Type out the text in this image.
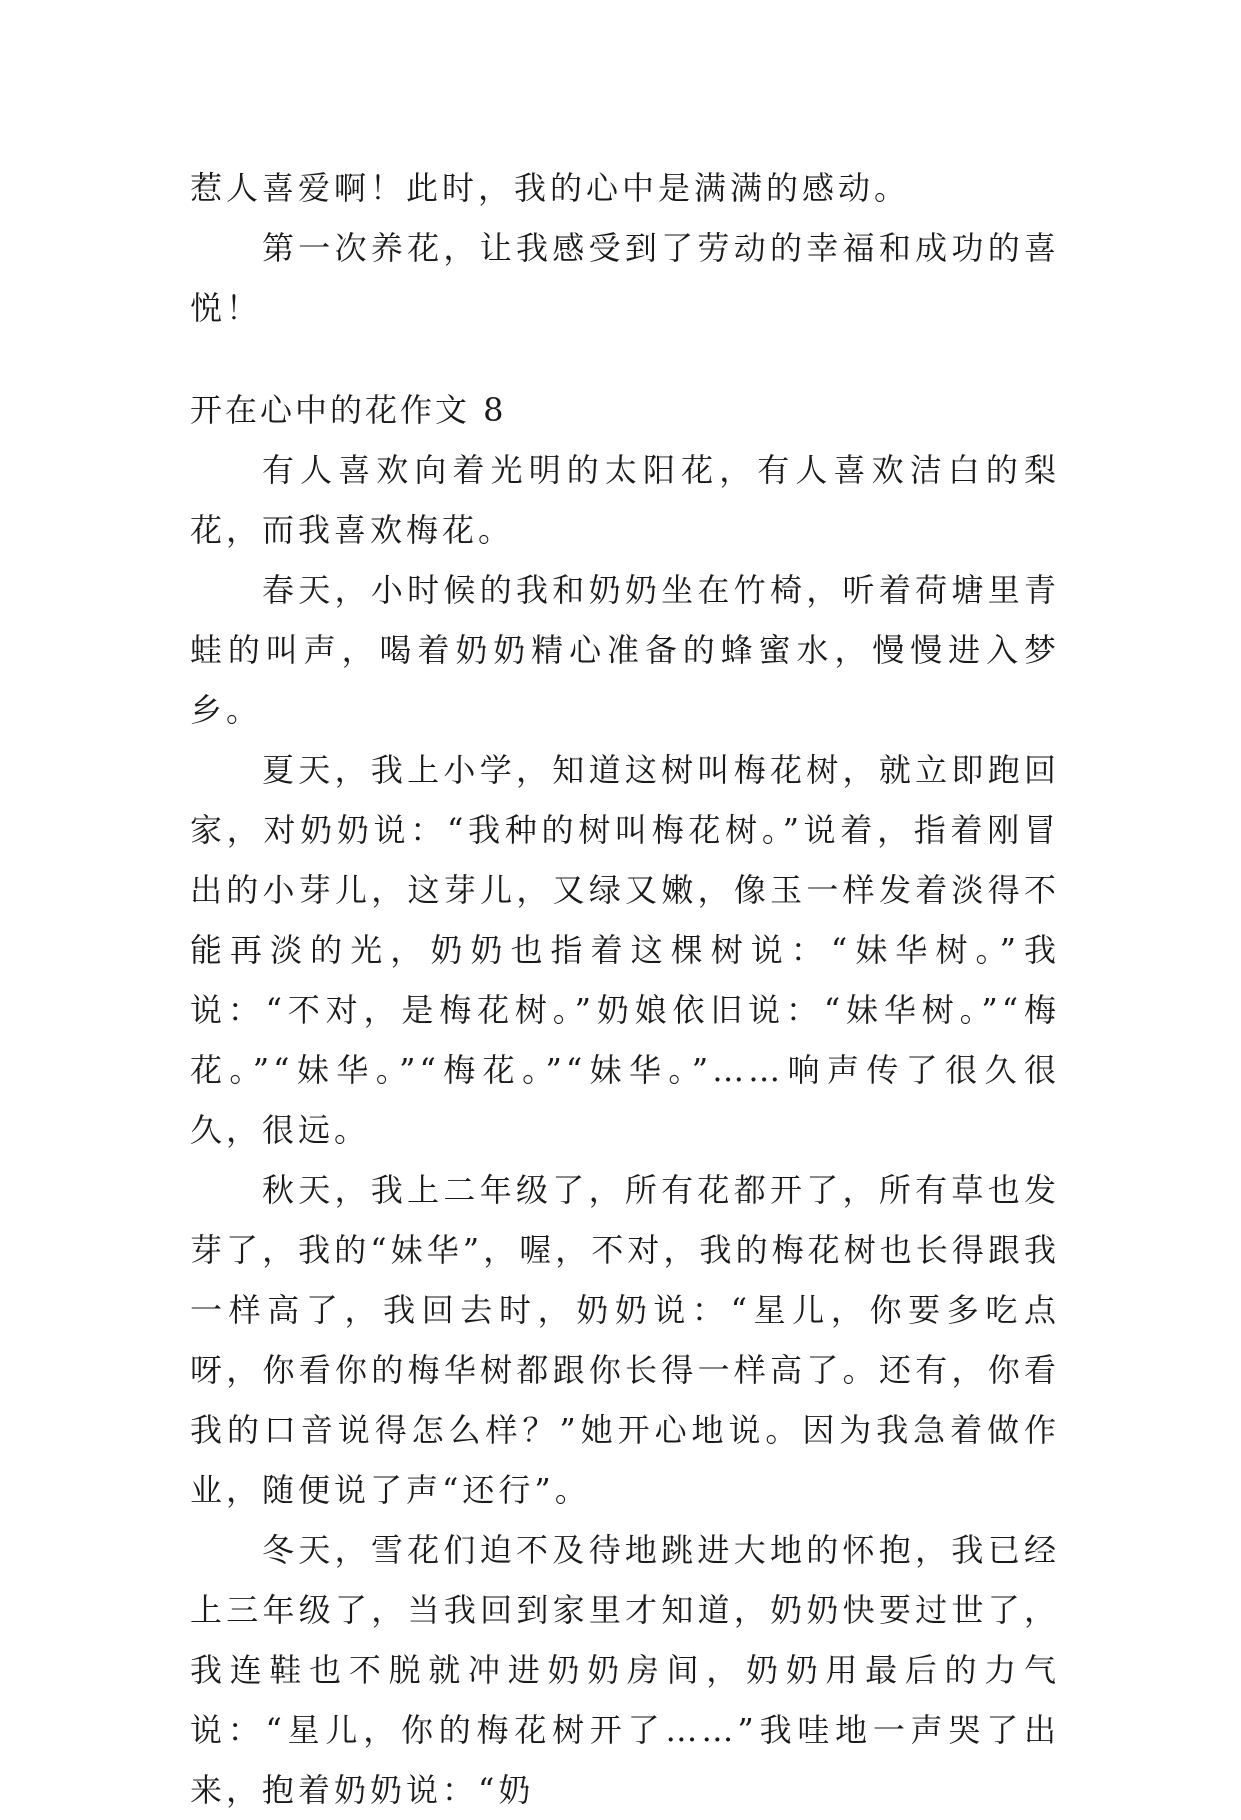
惹人喜爱啊！此时，我的心中是满满的感动。

第一次养花，让我感受到了劳动的幸福和成功的喜悦！

开在心中的花作文 8

有人喜欢向着光明的太阳花，有人喜欢洁白的梨花，而我喜欢梅花。

春天，小时候的我和奶奶坐在竹椅，听着荷塘里青蛙的叫声，喝着奶奶精心准备的蜂蜜水，慢慢进入梦乡。

夏天，我上小学，知道这树叫梅花树，就立即跑回家，对奶奶说：“我种的树叫梅花树。”说着，指着刚冒出的小芽儿，这芽儿，又绿又嫩，像玉一样发着淡得不能再淡的光，奶奶也指着这棵树说：“妹华树。”我说：“不对，是梅花树。”奶娘依旧说：“妹华树。”“梅花。”“妹华。”“梅花。”“妹华。”……响声传了很久很久，很远。

秋天，我上二年级了，所有花都开了，所有草也发芽了，我的“妹华”，喔，不对，我的梅花树也长得跟我一样高了，我回去时，奶奶说：“星儿，你要多吃点呀，你看你的梅华树都跟你长得一样高了。还有，你看我的口音说得怎么样？”她开心地说。因为我急着做作业，随便说了声“还行”。

冬天，雪花们迫不及待地跳进大地的怀抱，我已经上三年级了，当我回到家里才知道，奶奶快要过世了，我连鞋也不脱就冲进奶奶房间，奶奶用最后的力气说：“星儿，你的梅花树开了……”我哇地一声哭了出来，抱着奶奶说：“奶
